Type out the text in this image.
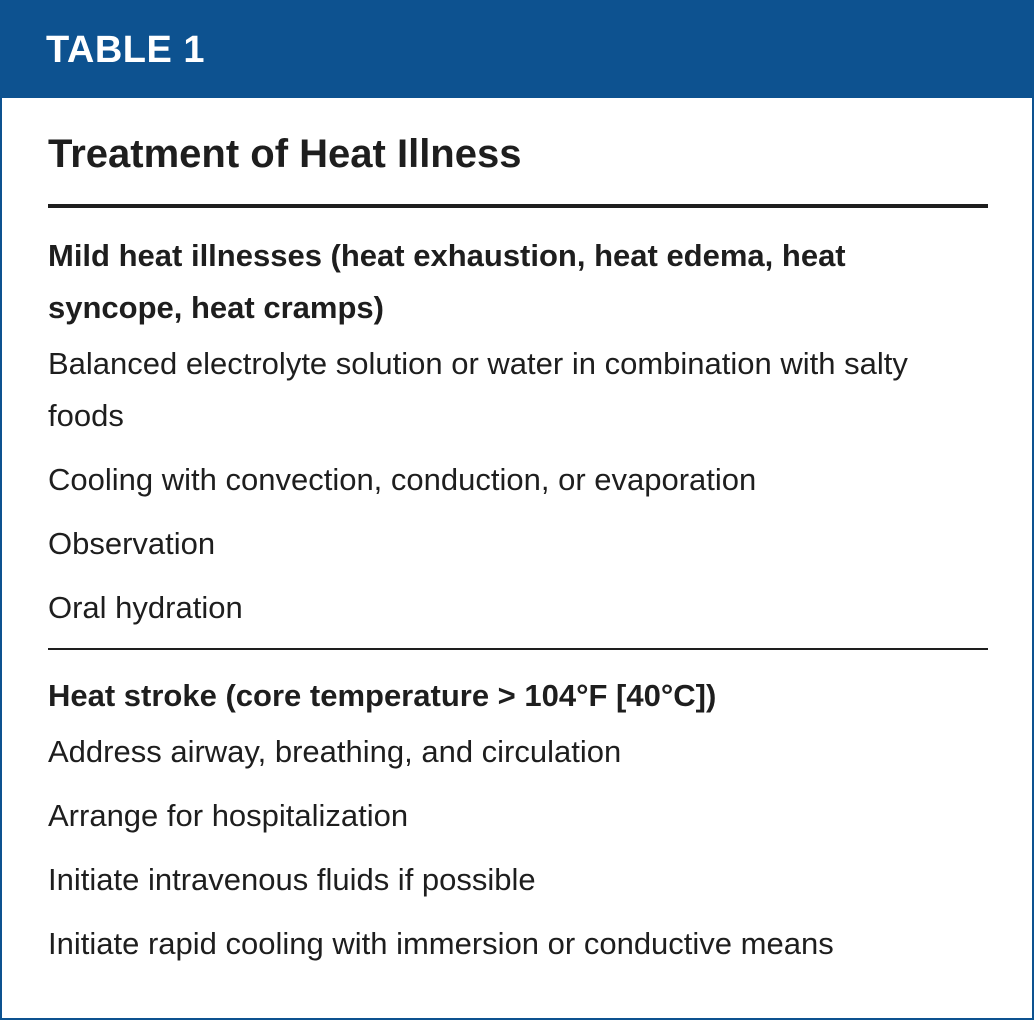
TABLE 1
Treatment of Heat Illness
Mild heat illnesses (heat exhaustion, heat edema, heat syncope, heat cramps)
Balanced electrolyte solution or water in combination with salty foods
Cooling with convection, conduction, or evaporation
Observation
Oral hydration
Heat stroke (core temperature > 104°F [40°C])
Address airway, breathing, and circulation
Arrange for hospitalization
Initiate intravenous fluids if possible
Initiate rapid cooling with immersion or conductive means
